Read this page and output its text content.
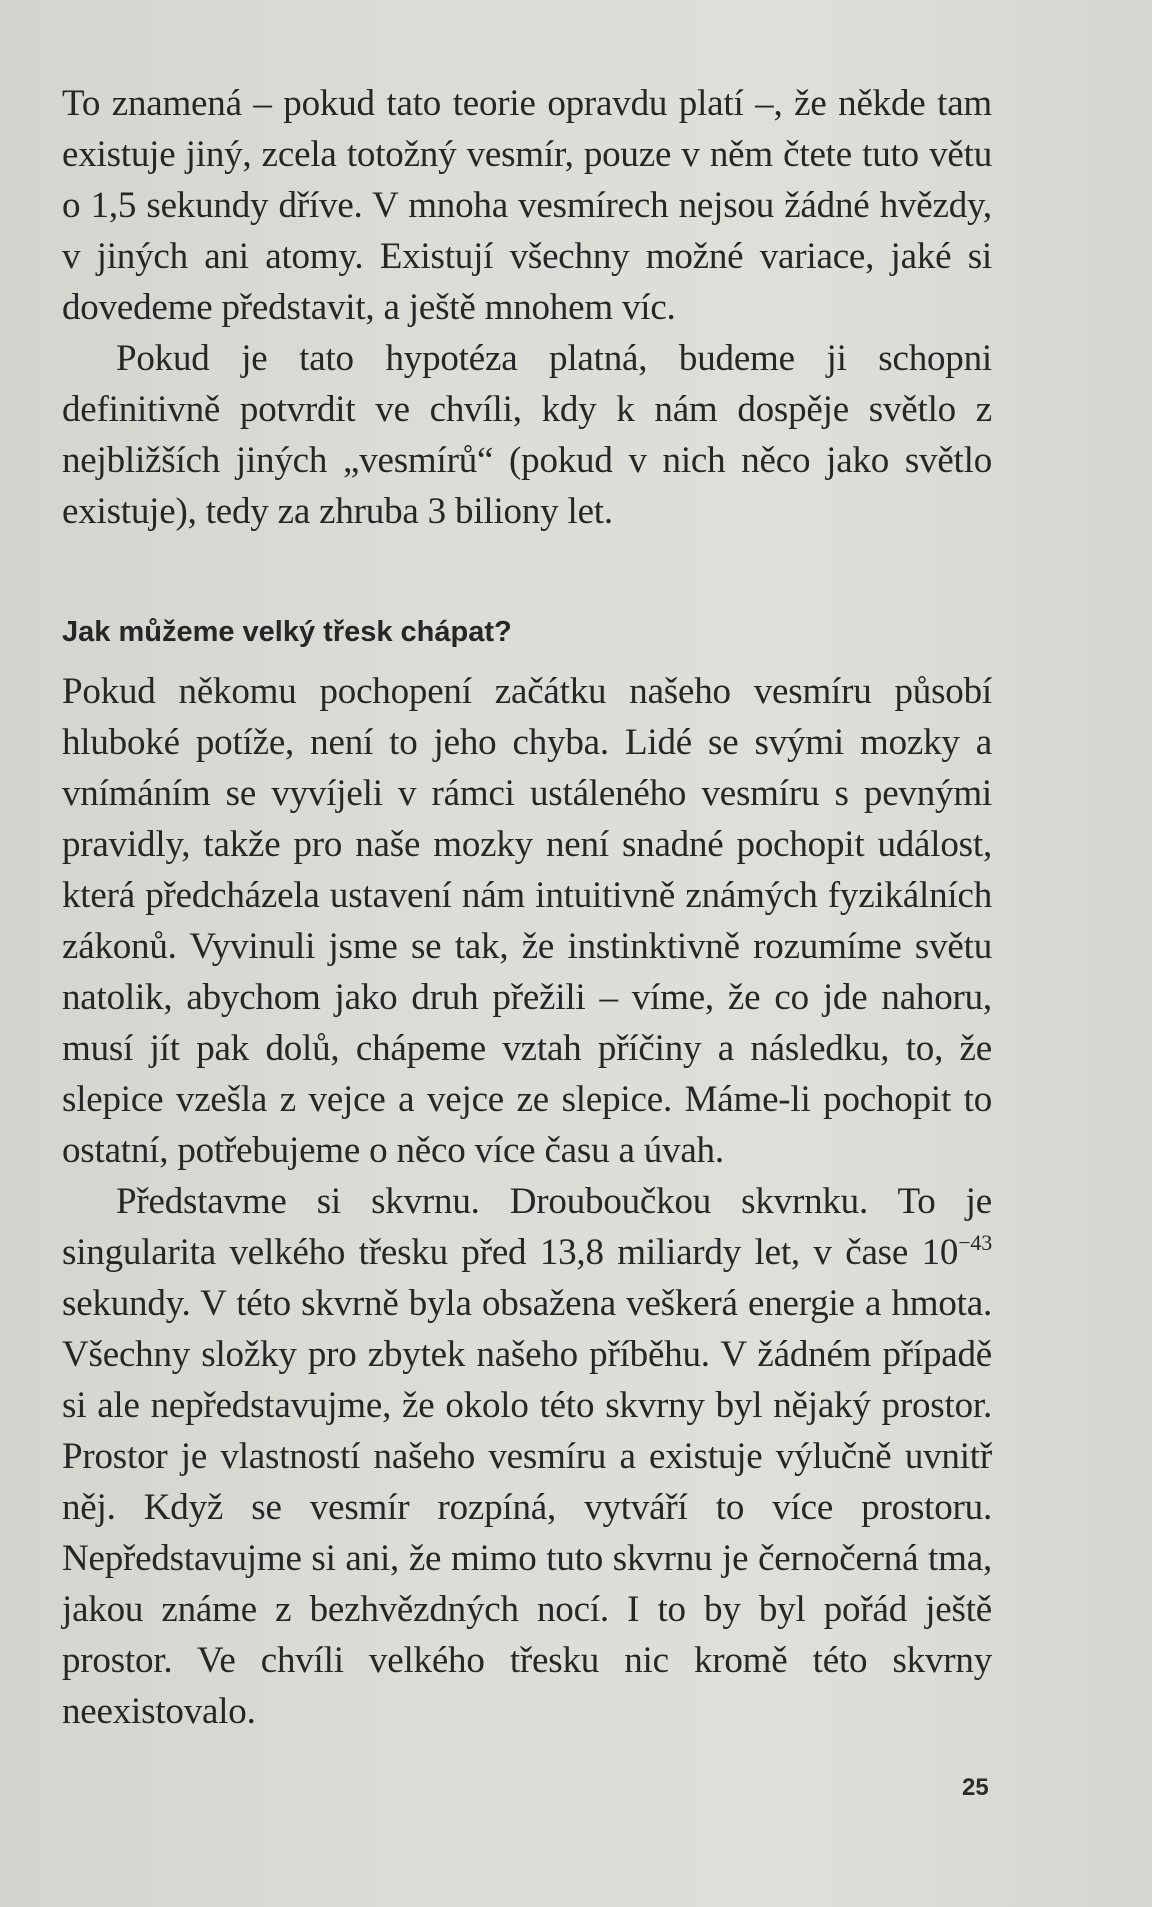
To znamená – pokud tato teorie opravdu platí –, že někde tam existuje jiný, zcela totožný vesmír, pouze v něm čtete tuto větu o 1,5 sekundy dříve. V mnoha vesmírech nejsou žádné hvězdy, v jiných ani atomy. Existují všechny možné variace, jaké si dovedeme představit, a ještě mnohem víc.

Pokud je tato hypotéza platná, budeme ji schopni definitivně potvrdit ve chvíli, kdy k nám dospěje světlo z nejbližších jiných „vesmírů“ (pokud v nich něco jako světlo existuje), tedy za zhruba 3 biliony let.

Jak můžeme velký třesk chápat?

Pokud někomu pochopení začátku našeho vesmíru působí hluboké potíže, není to jeho chyba. Lidé se svými mozky a vnímáním se vyvíjeli v rámci ustáleného vesmíru s pevnými pravidly, takže pro naše mozky není snadné pochopit událost, která předcházela ustavení nám intuitivně známých fyzikálních zákonů. Vyvinuli jsme se tak, že instinktivně rozumíme světu natolik, abychom jako druh přežili – víme, že co jde nahoru, musí jít pak dolů, chápeme vztah příčiny a následku, to, že slepice vzešla z vejce a vejce ze slepice. Máme-li pochopit to ostatní, potřebujeme o něco více času a úvah.

Představme si skvrnu. Drouboučkou skvrnku. To je singularita velkého třesku před 13,8 miliardy let, v čase $10^{-43}$ sekundy. V této skvrně byla obsažena veškerá energie a hmota. Všechny složky pro zbytek našeho příběhu. V žádném případě si ale nepředstavujme, že okolo této skvrny byl nějaký prostor. Prostor je vlastností našeho vesmíru a existuje výlučně uvnitř něj. Když se vesmír rozpíná, vytváří to více prostoru. Nepředstavujme si ani, že mimo tuto skvrnu je černočerná tma, jakou známe z bezhvězdných nocí. I to by byl pořád ještě prostor. Ve chvíli velkého třesku nic kromě této skvrny neexistovalo.

25
